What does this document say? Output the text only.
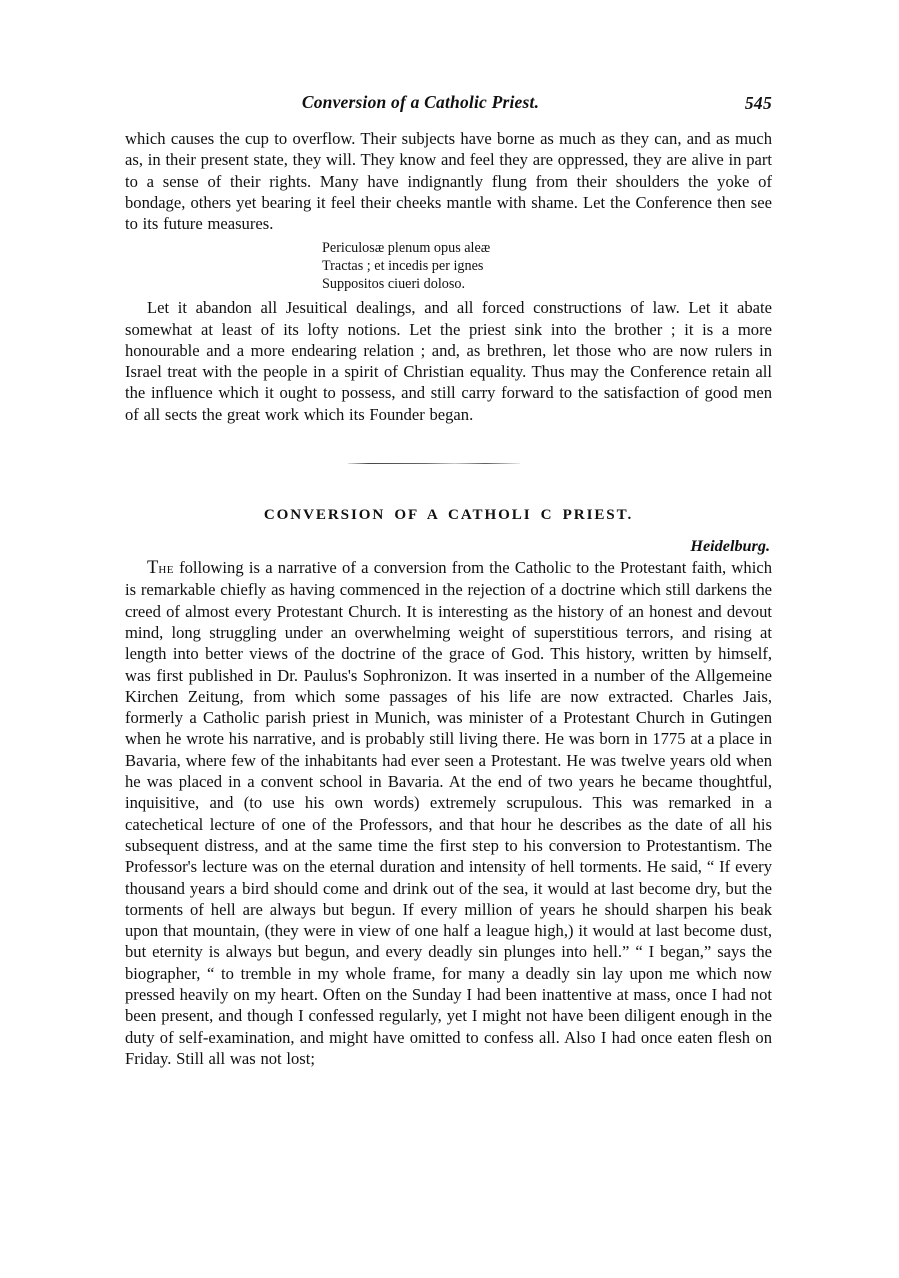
Conversion of a Catholic Priest.	545

which causes the cup to overflow. Their subjects have borne as much as they can, and as much as, in their present state, they will. They know and feel they are oppressed, they are alive in part to a sense of their rights. Many have indignantly flung from their shoulders the yoke of bondage, others yet bearing it feel their cheeks mantle with shame. Let the Conference then see to its future measures.

Periculosæ plenum opus aleæ
Tractas ; et incedis per ignes
Suppositos ciueri doloso.

Let it abandon all Jesuitical dealings, and all forced constructions of law. Let it abate somewhat at least of its lofty notions. Let the priest sink into the brother ; it is a more honourable and a more endearing relation ; and, as brethren, let those who are now rulers in Israel treat with the people in a spirit of Christian equality. Thus may the Conference retain all the influence which it ought to possess, and still carry forward to the satisfaction of good men of all sects the great work which its Founder began.

CONVERSION OF A CATHOLI C PRIEST.
Heidelburg.

The following is a narrative of a conversion from the Catholic to the Protestant faith, which is remarkable chiefly as having commenced in the rejection of a doctrine which still darkens the creed of almost every Protestant Church. It is interesting as the history of an honest and devout mind, long struggling under an overwhelming weight of superstitious terrors, and rising at length into better views of the doctrine of the grace of God. This history, written by himself, was first published in Dr. Paulus's Sophronizon. It was inserted in a number of the Allgemeine Kirchen Zeitung, from which some passages of his life are now extracted. Charles Jais, formerly a Catholic parish priest in Munich, was minister of a Protestant Church in Gutingen when he wrote his narrative, and is probably still living there. He was born in 1775 at a place in Bavaria, where few of the inhabitants had ever seen a Protestant. He was twelve years old when he was placed in a convent school in Bavaria. At the end of two years he became thoughtful, inquisitive, and (to use his own words) extremely scrupulous. This was remarked in a catechetical lecture of one of the Professors, and that hour he describes as the date of all his subsequent distress, and at the same time the first step to his conversion to Protestantism. The Professor's lecture was on the eternal duration and intensity of hell torments. He said, “ If every thousand years a bird should come and drink out of the sea, it would at last become dry, but the torments of hell are always but begun. If every million of years he should sharpen his beak upon that mountain, (they were in view of one half a league high,) it would at last become dust, but eternity is always but begun, and every deadly sin plunges into hell.” “ I began,” says the biographer, “ to tremble in my whole frame, for many a deadly sin lay upon me which now pressed heavily on my heart. Often on the Sunday I had been inattentive at mass, once I had not been present, and though I confessed regularly, yet I might not have been diligent enough in the duty of self-examination, and might have omitted to confess all. Also I had once eaten flesh on Friday. Still all was not lost;
